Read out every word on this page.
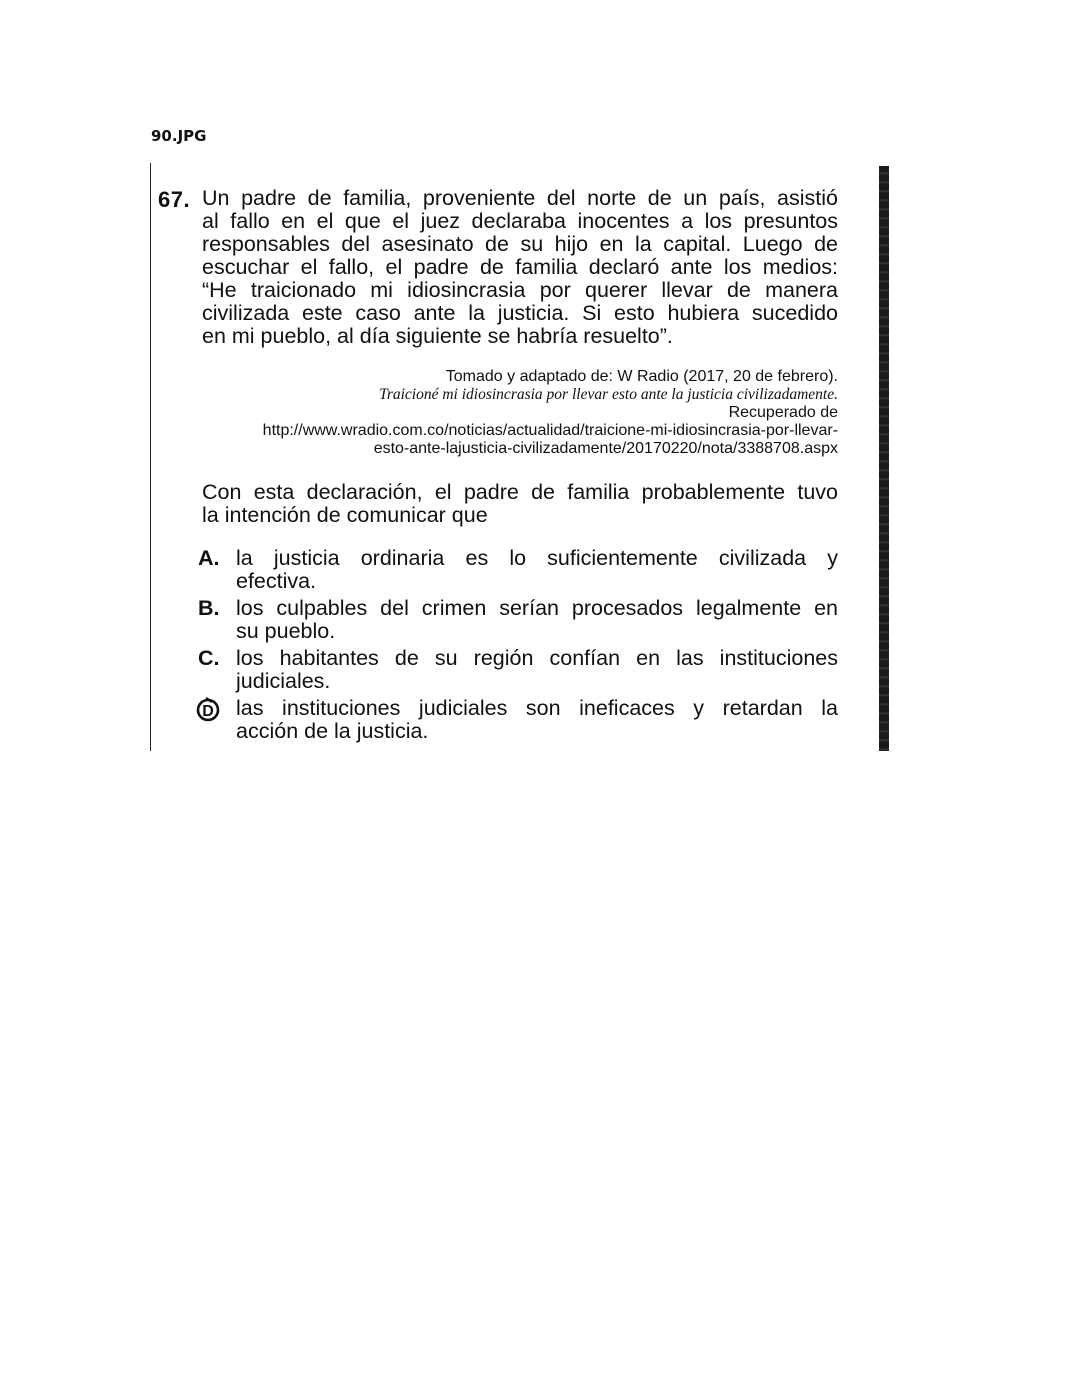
90.JPG
67. Un padre de familia, proveniente del norte de un país, asistió
al fallo en el que el juez declaraba inocentes a los presuntos
responsables del asesinato de su hijo en la capital. Luego de
escuchar el fallo, el padre de familia declaró ante los medios:
“He traicionado mi idiosincrasia por querer llevar de manera
civilizada este caso ante la justicia. Si esto hubiera sucedido
en mi pueblo, al día siguiente se habría resuelto”.
Tomado y adaptado de: W Radio (2017, 20 de febrero).
Traicioné mi idiosincrasia por llevar esto ante la justicia civilizadamente.
Recuperado de
http://www.wradio.com.co/noticias/actualidad/traicione-mi-idiosincrasia-por-llevar-
esto-ante-lajusticia-civilizadamente/20170220/nota/3388708.aspx
Con esta declaración, el padre de familia probablemente tuvo
la intención de comunicar que
A. la justicia ordinaria es lo suficientemente civilizada y
efectiva.
B. los culpables del crimen serían procesados legalmente en
su pueblo.
C. los habitantes de su región confían en las instituciones
judiciales.
D las instituciones judiciales son ineficaces y retardan la
acción de la justicia.
